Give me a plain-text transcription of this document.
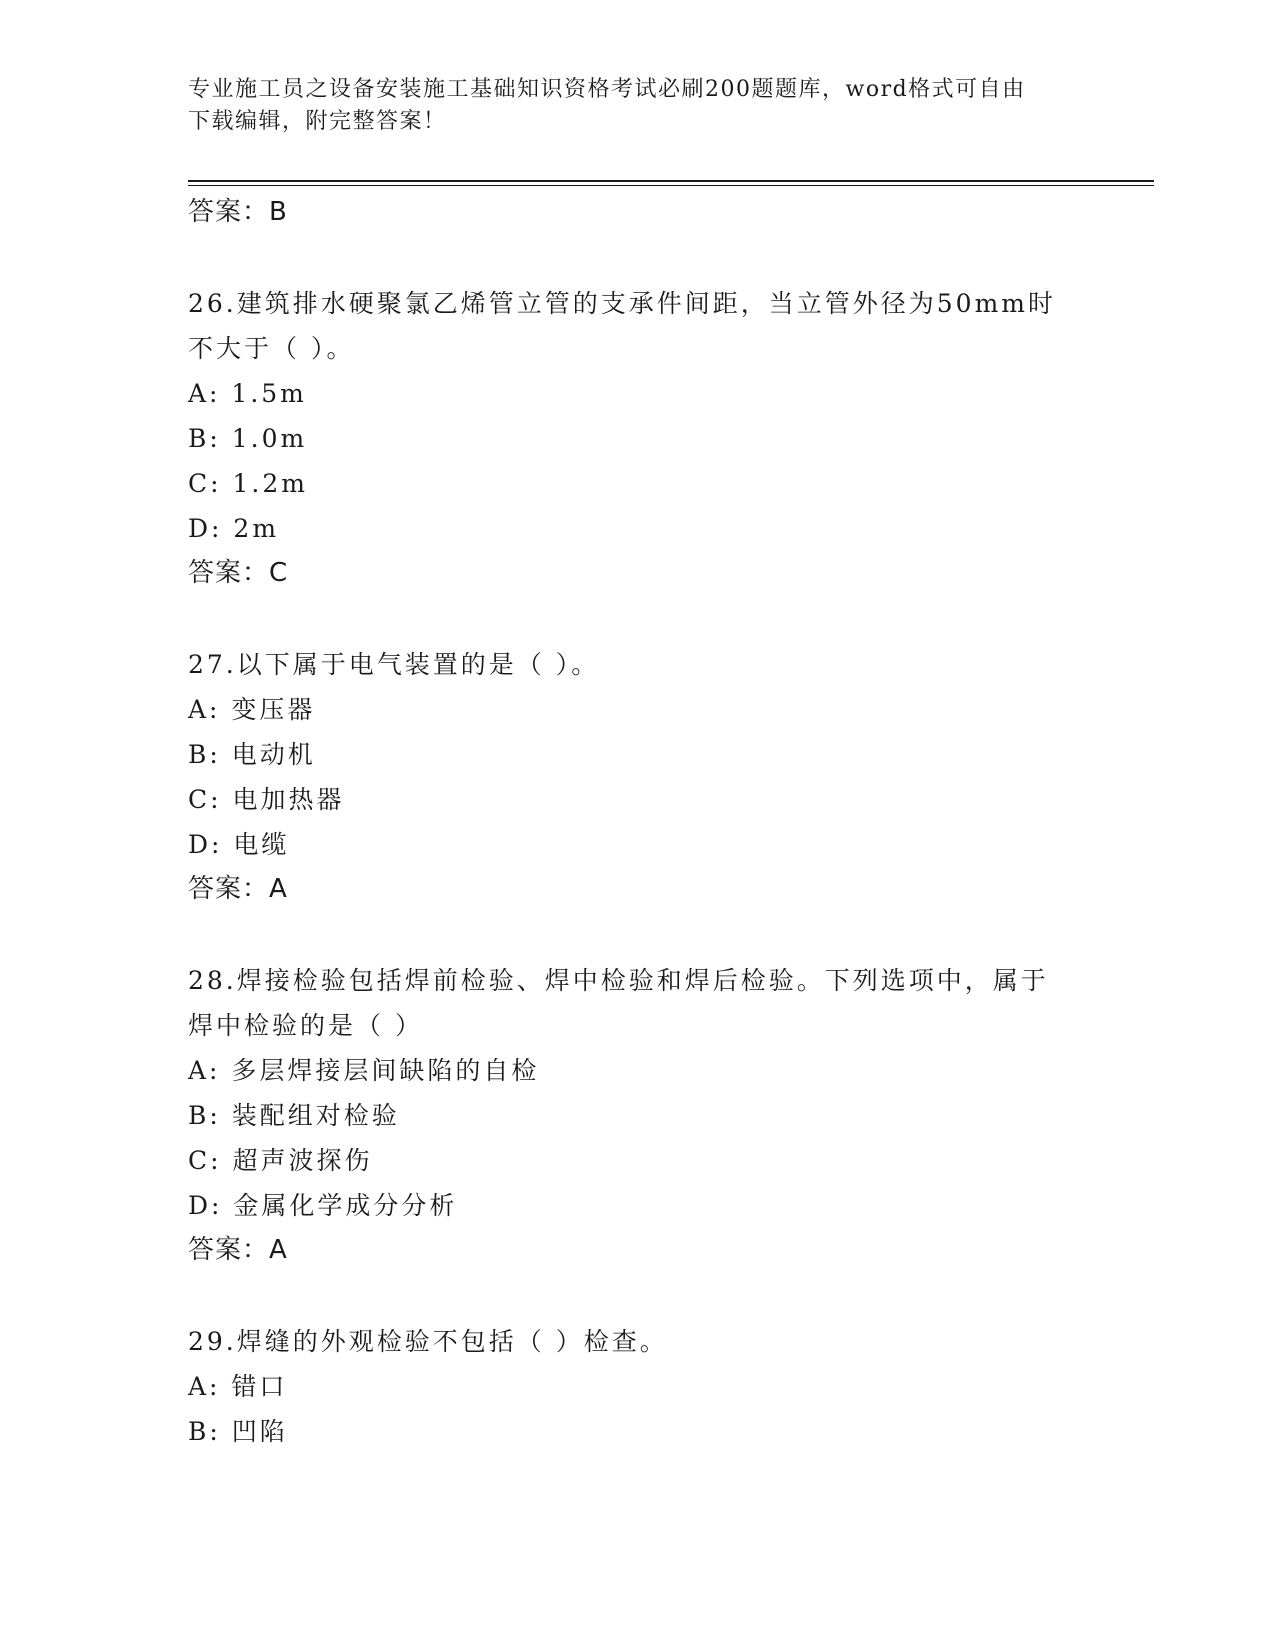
专业施工员之设备安装施工基础知识资格考试必刷200题题库，word格式可自由
下载编辑，附完整答案！
答案：B
26.建筑排水硬聚氯乙烯管立管的支承件间距，当立管外径为50mm时
不大于（ ）。
A: 1.5m
B: 1.0m
C: 1.2m
D: 2m
答案：C
27.以下属于电气装置的是（ ）。
A: 变压器
B: 电动机
C: 电加热器
D: 电缆
答案：A
28.焊接检验包括焊前检验、焊中检验和焊后检验。下列选项中，属于
焊中检验的是（ ）
A: 多层焊接层间缺陷的自检
B: 装配组对检验
C: 超声波探伤
D: 金属化学成分分析
答案：A
29.焊缝的外观检验不包括（ ）检查。
A: 错口
B: 凹陷
